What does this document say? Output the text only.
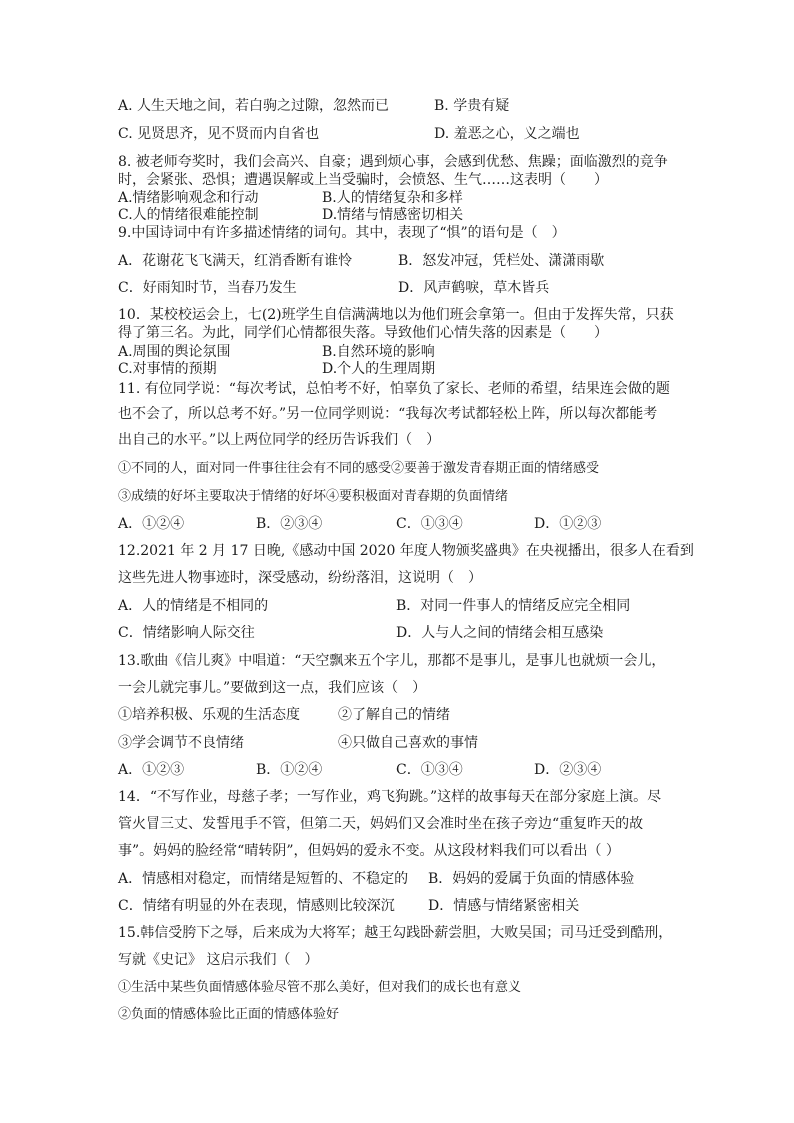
A. 人生天地之间，若白驹之过隙，忽然而已	B. 学贵有疑
C. 见贤思齐，见不贤而内自省也	D. 羞恶之心，义之端也
8. 被老师夸奖时，我们会高兴、自豪；遇到烦心事，会感到优愁、焦躁；面临激烈的竞争
时，会紧张、恐惧；遭遇误解或上当受骗时，会愤怒、生气……这表明（　　）
A.情绪影响观念和行动	B.人的情绪复杂和多样
C.人的情绪很难能控制	D.情绪与情感密切相关
9.中国诗词中有许多描述情绪的词句。其中，表现了“惧”的语句是（　）
A．花谢花飞飞满天，红消香断有谁怜	B．怒发冲冠，凭栏处、潇潇雨歇
C．好雨知时节，当春乃发生	D．风声鹤唳，草木皆兵
10．某校校运会上，七(2)班学生自信满满地以为他们班会拿第一。但由于发挥失常，只获
得了第三名。为此，同学们心情都很失落。导致他们心情失落的因素是（　　）
A.周围的舆论氛围	B.自然环境的影响
C.对事情的预期	D.个人的生理周期
11. 有位同学说：“每次考试，总怕考不好，怕辜负了家长、老师的希望，结果连会做的题
也不会了，所以总考不好。”另一位同学则说：“我每次考试都轻松上阵，所以每次都能考
出自己的水平。”以上两位同学的经历告诉我们（　）
①不同的人，面对同一件事往往会有不同的感受②要善于激发青春期正面的情绪感受
③成绩的好坏主要取决于情绪的好坏④要积极面对青春期的负面情绪
A．①②④	B．②③④	C．①③④	D．①②③
12.2021 年 2 月 17 日晚,《感动中国 2020 年度人物颁奖盛典》在央视播出，很多人在看到
这些先进人物事迹时，深受感动，纷纷落泪，这说明（　）
A．人的情绪是不相同的	B．对同一件事人的情绪反应完全相同
C．情绪影响人际交往	D．人与人之间的情绪会相互感染
13.歌曲《信儿爽》中唱道：“天空飘来五个字儿，那都不是事儿，是事儿也就烦一会儿，
一会儿就完事儿。”要做到这一点，我们应该（　）
①培养积极、乐观的生活态度	②了解自己的情绪
③学会调节不良情绪	④只做自己喜欢的事情
A．①②③	B．①②④	C．①③④	D．②③④
14．“不写作业，母慈子孝；一写作业，鸡飞狗跳。”这样的故事每天在部分家庭上演。尽
管火冒三丈、发誓甩手不管，但第二天，妈妈们又会准时坐在孩子旁边“重复昨天的故
事”。妈妈的脸经常“晴转阴”，但妈妈的爱永不变。从这段材料我们可以看出（ ）
A．情感相对稳定，而情绪是短暂的、不稳定的 B．妈妈的爱属于负面的情感体验
C．情绪有明显的外在表现，情感则比较深沉 D．情感与情绪紧密相关
15.韩信受胯下之辱，后来成为大将军；越王勾践卧薪尝胆，大败吴国；司马迁受到酷刑，
写就《史记》 这启示我们（　）
①生活中某些负面情感体验尽管不那么美好，但对我们的成长也有意义
②负面的情感体验比正面的情感体验好
